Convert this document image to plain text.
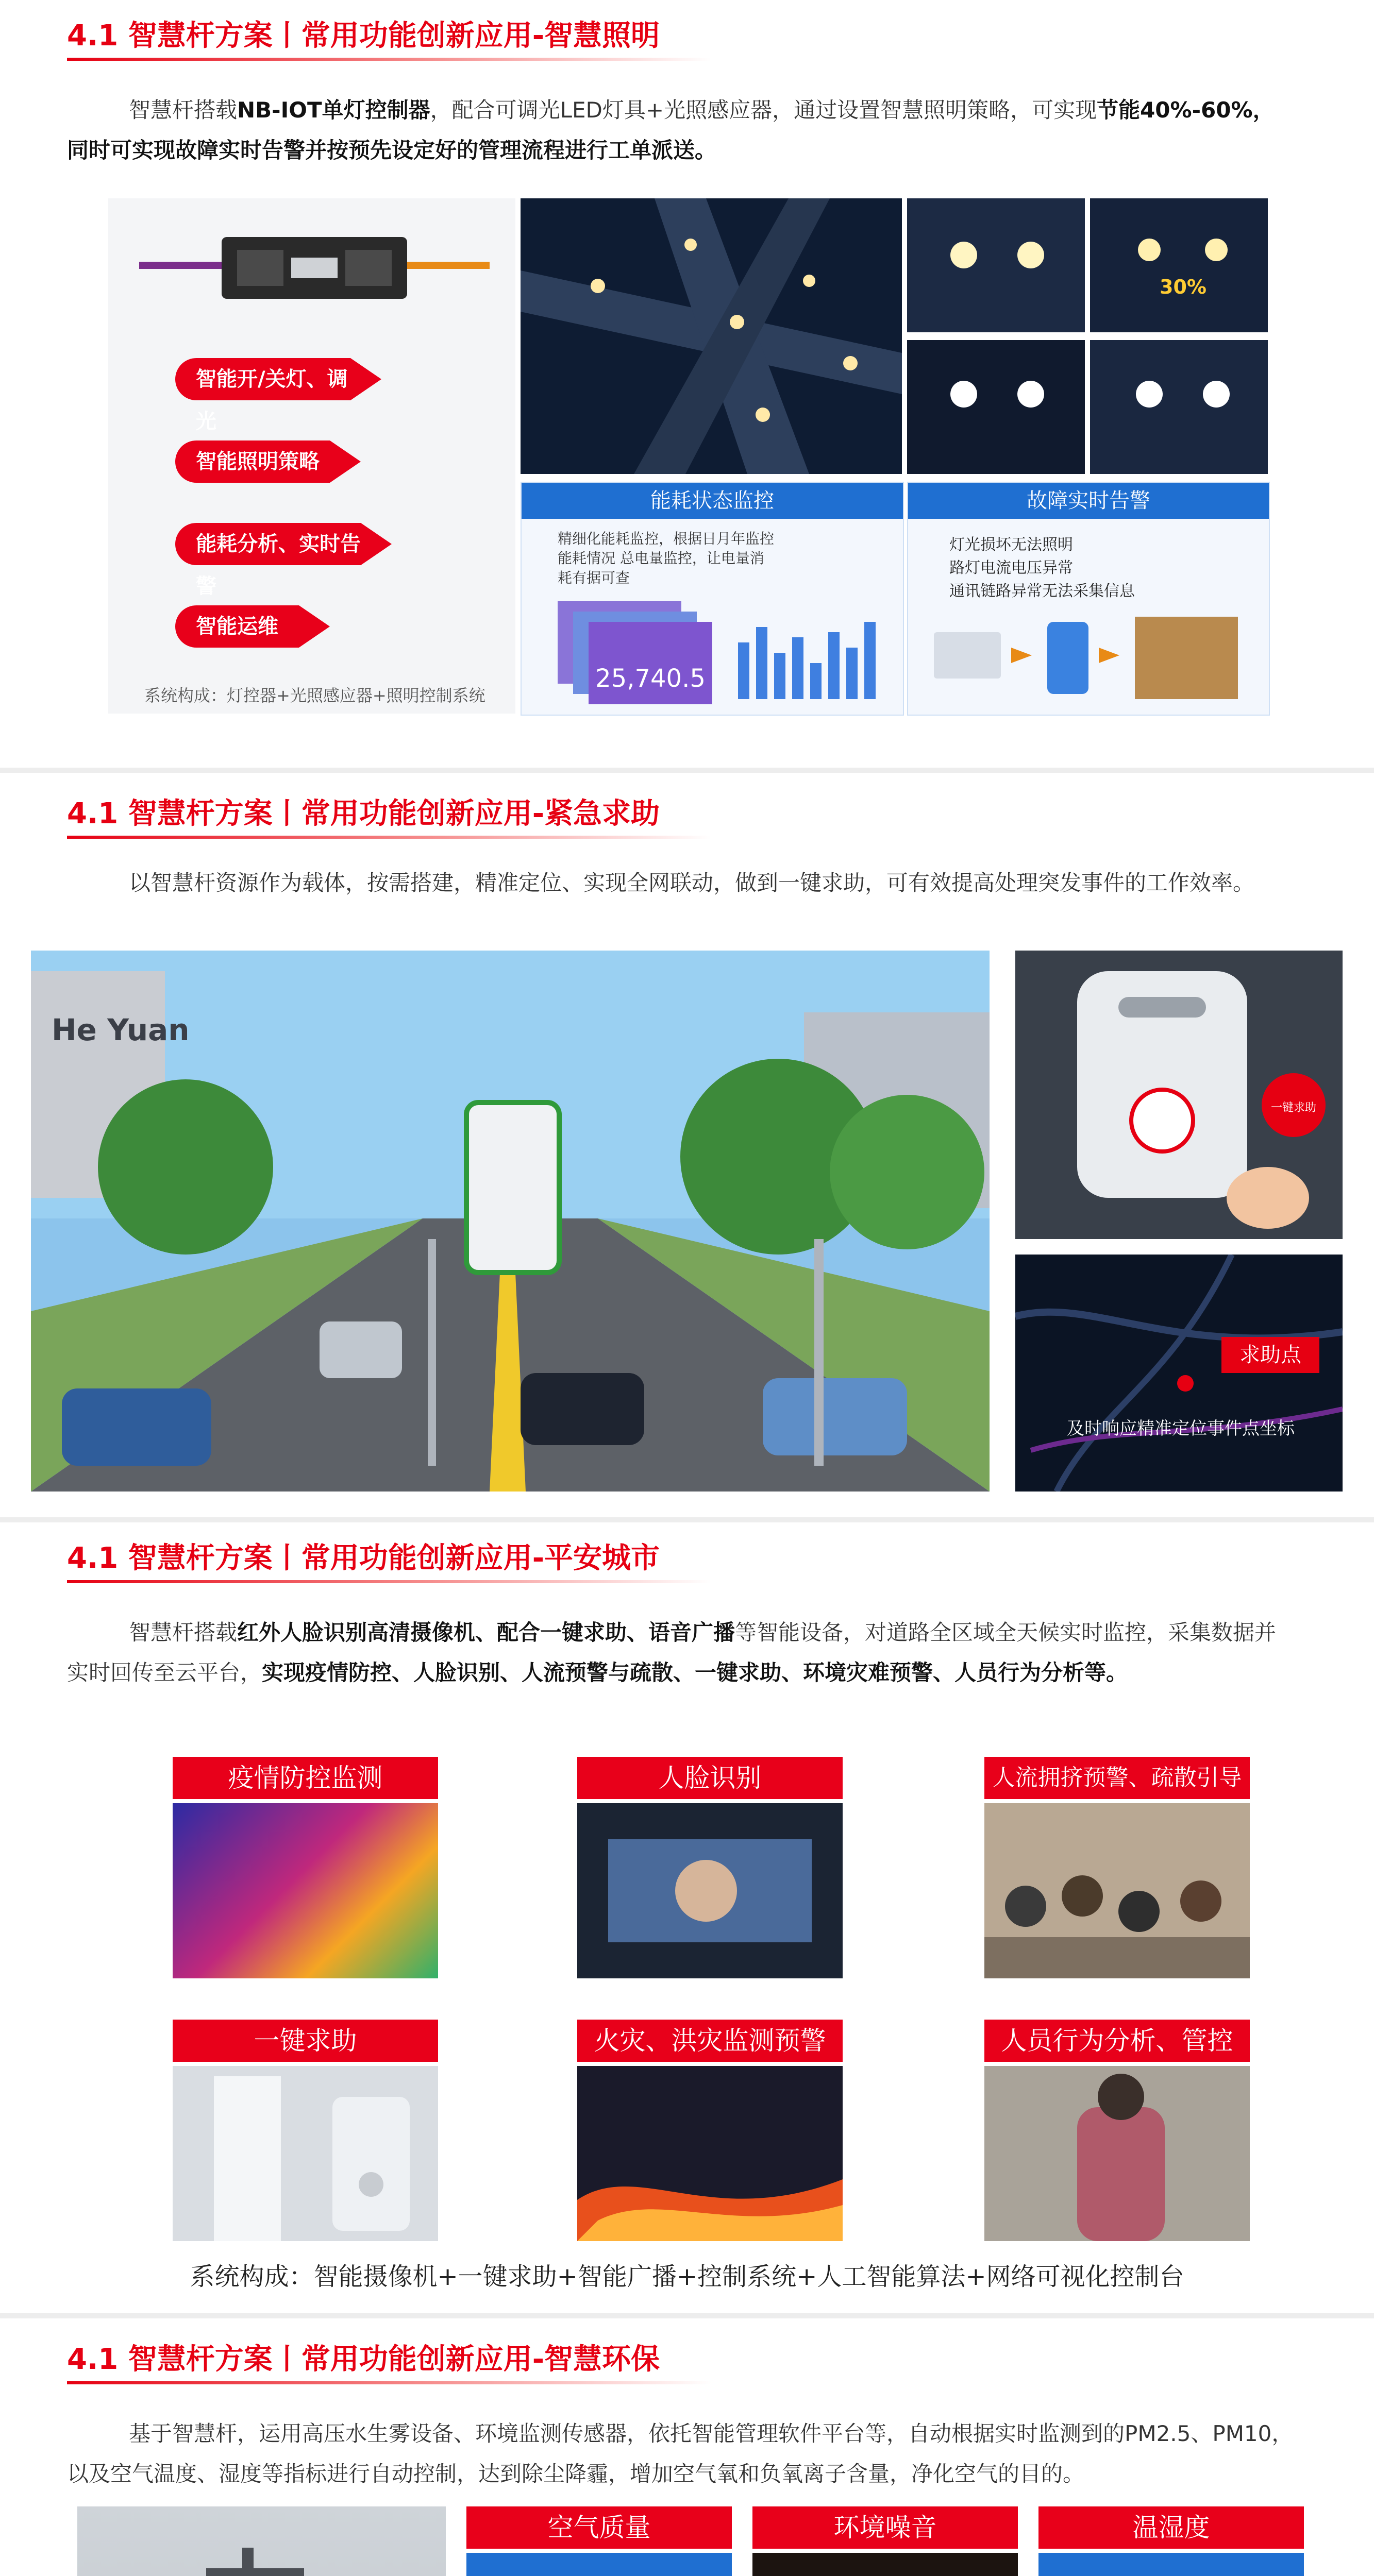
4.1 智慧杆方案丨常用功能创新应用-智慧照明
智慧杆搭载NB-IOT单灯控制器，配合可调光LED灯具+光照感应器，通过设置智慧照明策略，可实现节能40%-60%，同时可实现故障实时告警并按预先设定好的管理流程进行工单派送。
智能开/关灯、调光
智能照明策略
能耗分析、实时告警
智能运维
系统构成：灯控器+光照感应器+照明控制系统
30%
能耗状态监控
精细化能耗监控，根据日月年监控能耗情况 总电量监控，让电量消耗有据可查
25,740.5
故障实时告警
灯光损坏无法照明
路灯电流电压异常
通讯链路异常无法采集信息
4.1 智慧杆方案丨常用功能创新应用-紧急求助
以智慧杆资源作为载体，按需搭建，精准定位、实现全网联动，做到一键求助，可有效提高处理突发事件的工作效率。
He Yuan
一键求助
求助点
及时响应精准定位事件点坐标
4.1 智慧杆方案丨常用功能创新应用-平安城市
智慧杆搭载红外人脸识别高清摄像机、配合一键求助、语音广播等智能设备，对道路全区域全天候实时监控，采集数据并实时回传至云平台，实现疫情防控、人脸识别、人流预警与疏散、一键求助、环境灾难预警、人员行为分析等。
疫情防控监测	人脸识别	人流拥挤预警、疏散引导
一键求助	火灾、洪灾监测预警	人员行为分析、管控
系统构成：智能摄像机+一键求助+智能广播+控制系统+人工智能算法+网络可视化控制台
4.1 智慧杆方案丨常用功能创新应用-智慧环保
基于智慧杆，运用高压水生雾设备、环境监测传感器，依托智能管理软件平台等，自动根据实时监测到的PM2.5、PM10，以及空气温度、湿度等指标进行自动控制，达到除尘降霾，增加空气氧和负氧离子含量，净化空气的目的。
空气质量	环境噪音	温湿度
